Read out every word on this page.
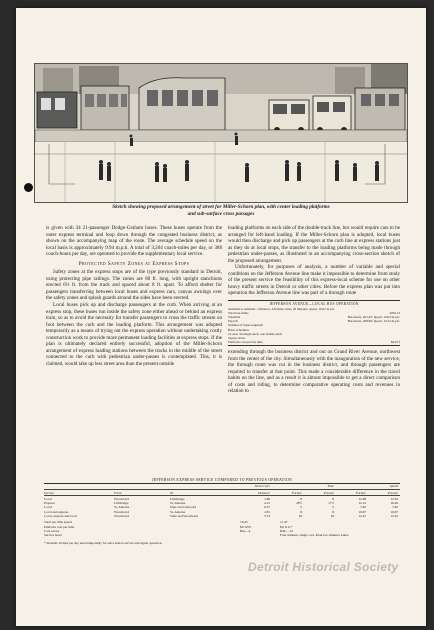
Sketch showing proposed arrangement of street for Miller-Schorn plan, with center loading platforms
and sub-surface cross passages

is given with 34 21-passenger Dodge-Graham buses. These buses operate from the outer express terminal and loop down through the congested business district, as shown on the accompanying map of the route. The average schedule speed on the local basis is approximately 9.94 m.p.h. A total of 3,204 coach-miles per day, or 388 coach-hours per day, are operated to provide the supplementary local service.

Protected Safety Zones at Express Stops

Safety zones at the express stops are of the type previously standard in Detroit, using protecting pipe railings. The zones are 88 ft. long, with upright stanchions erected 6½ ft. from the track and spaced about 8 ft. apart. To afford shelter for passengers transferring between local buses and express cars, canvas awnings over the safety zones and splash guards around the sides have been erected.

Local buses pick up and discharge passengers at the curb. When arriving at an express stop, these buses run inside the safety zone either ahead or behind an express train, so as to avoid the necessity for transfer passengers to cross the traffic stream on foot between the curb and the loading platform. This arrangement was adopted temporarily as a means of trying out the express operation without undertaking costly construction work to provide more permanent loading facilities at express stops. If the plan is ultimately declared entirely successful, adoption of the Miller-Schorn arrangement of express loading stations between the tracks in the middle of the street connected to the curb with pedestrian under-passes is contemplated. This, it is claimed, would take up less street area than the present outside

loading platforms on each side of the double-track line, but would require cars to be arranged for left-hand loading. If the Miller-Schorn plan is adopted, local buses would then discharge and pick up passengers at the curb line at express stations just as they do at local stops, the transfer to the loading platforms being made through pedestrian under-passes, as illustrated in an accompanying cross-section sketch of the proposed arrangement.

Unfortunately, for purposes of analysis, a number of variable and special conditions on the Jefferson Avenue line make it impossible to determine from study of the present service the feasibility of this express-local scheme for use on other heavy traffic streets in Detroit or other cities. Before the express plan was put into operation the Jefferson Avenue line was part of a through route

JEFFERSON AVENUE—LOCAL BUS OPERATION
Terminal to terminal—Distance, 4.8 miles; time, 29 minutes; speed, 10.67 m.p.h.
Total bus-miles	3204.13
Schedule	Bus-hours, 261.45; Speed, 10.63 m.p.h.
Payroll	Bus-hours, 268.99; Speed, 10.22 m.p.h.
Number of buses required:
Basic schedules
21-seat, 34 single-deck, one double-deck
Spares, three
Platform cost per bus mile	$0.071

extending through the business district and out on Grand River Avenue, northwest from the center of the city. Simultaneously with the inauguration of the new service, the through route was cut in the business district, and through passengers are required to transfer at that point. This made a considerable difference in the travel habits on the line, and as a result it is almost impossible to get a direct comparison of costs and riding, to determine comparative operating costs and revenues in relation to

JEFFERSON EXPRESS SERVICE COMPARED TO PREVIOUS OPERATION
Street Cars	Time	Speed
Service	From	To	Distance	Former	Present	Former	Present
Local	Woodward	Lillibridge	1.88	8	8	12.98	12.94
Express	Lillibridge	St. Antoine	4.15	28½	17½	12.14	16.49
Local	St. Antoine	State and Griswold	0.57	5	5	7.00	7.00
Local and express	Woodward	St. Antoine	1.81	8	8	10.67	10.67
Local, express and local	Woodward	State and Woodward	3.74	18	18	12.47	12.52
Total per time speed	16.45	11.47
Platform cost per mile	$0.1255	$0.1111*
Cars saved	Bus—4	P.M.—12
Service head	Four minutes, single cars. Peak two minutes trains.
* Includes 10 men per day used temporarily for extra station service and signal operation.
Detroit Historical Society
